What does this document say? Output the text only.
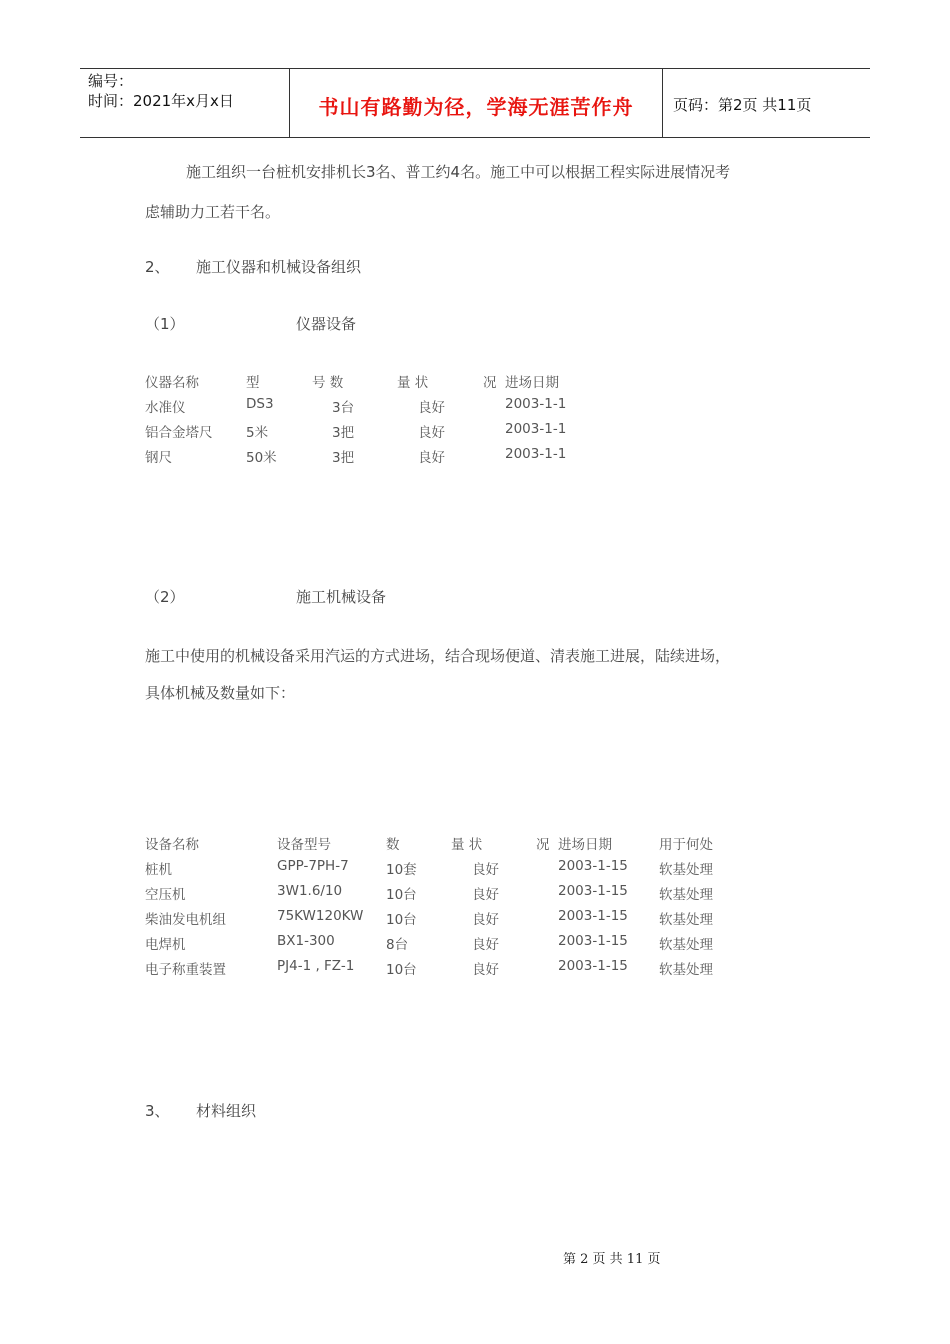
编号：
时间：2021年x月x日	书山有路勤为径，学海无涯苦作舟	页码：第2页 共11页
施工组织一台桩机安排机长3名、普工约4名。施工中可以根据工程实际进展情况考
虑辅助力工若干名。
2、 施工仪器和机械设备组织
（1）	仪器设备
仪器名称	型	号 数	量 状	况 进场日期
水准仪	DS3	3台	良好	2003-1-1
铝合金塔尺 5米	3把	良好	2003-1-1
钢尺	50米	3把	良好	2003-1-1
（2）	施工机械设备
施工中使用的机械设备采用汽运的方式进场，结合现场便道、清表施工进展，陆续进场，
具体机械及数量如下：
设备名称	设备型号	数	量 状	况 进场日期	用于何处
桩机	GPP-7PH-7	10套	良好	2003-1-15 软基处理
空压机	3W1.6/10	10台	良好	2003-1-15 软基处理
柴油发电机组	75KW120KW 10台	良好	2003-1-15 软基处理
电焊机	BX1-300	8台	良好	2003-1-15 软基处理
电子称重装置	PJ4-1 , FZ-1 10台	良好	2003-1-15 软基处理
3、 材料组织
第 2 页 共 11 页
